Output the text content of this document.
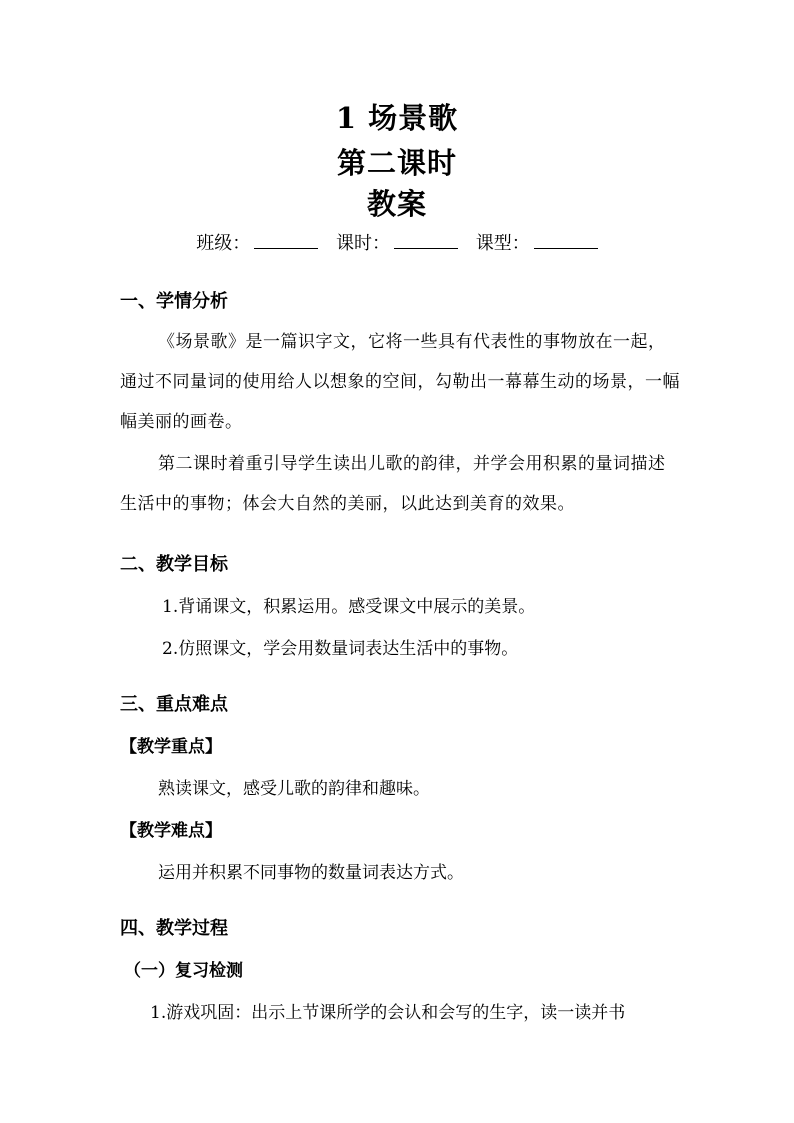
1 场景歌
第二课时
教案
班级：	课时：	课型：
一、学情分析
《场景歌》是一篇识字文，它将一些具有代表性的事物放在一起，通过不同量词的使用给人以想象的空间，勾勒出一幕幕生动的场景，一幅幅美丽的画卷。
第二课时着重引导学生读出儿歌的韵律，并学会用积累的量词描述生活中的事物；体会大自然的美丽，以此达到美育的效果。
二、教学目标
1.背诵课文，积累运用。感受课文中展示的美景。
2.仿照课文，学会用数量词表达生活中的事物。
三、重点难点
【教学重点】
熟读课文，感受儿歌的韵律和趣味。
【教学难点】
运用并积累不同事物的数量词表达方式。
四、教学过程
（一）复习检测
1.游戏巩固：出示上节课所学的会认和会写的生字，读一读并书
